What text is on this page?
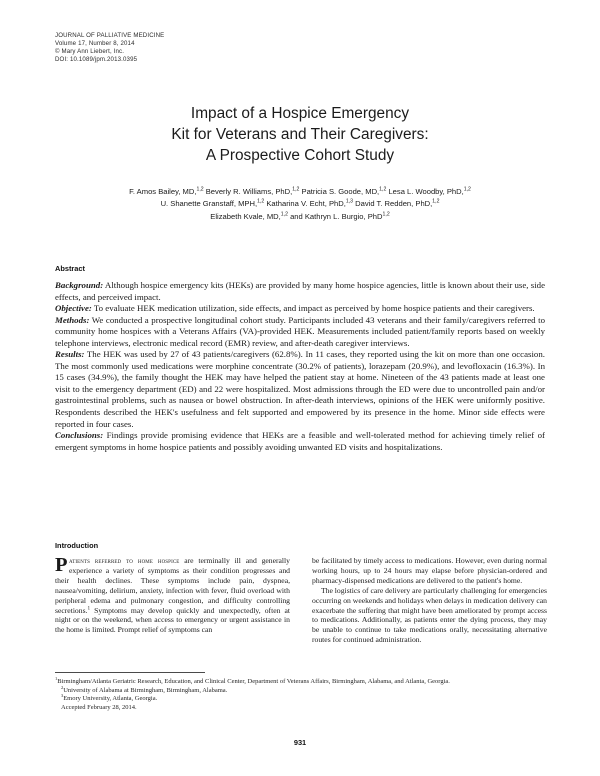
JOURNAL OF PALLIATIVE MEDICINE
Volume 17, Number 8, 2014
© Mary Ann Liebert, Inc.
DOI: 10.1089/jpm.2013.0395
Impact of a Hospice Emergency
Kit for Veterans and Their Caregivers:
A Prospective Cohort Study
F. Amos Bailey, MD,$^{1,2}$ Beverly R. Williams, PhD,$^{1,2}$ Patricia S. Goode, MD,$^{1,2}$ Lesa L. Woodby, PhD,$^{1,2}$
U. Shanette Granstaff, MPH,$^{1,2}$ Katharina V. Echt, PhD,$^{1,3}$ David T. Redden, PhD,$^{1,2}$
Elizabeth Kvale, MD,$^{1,2}$ and Kathryn L. Burgio, PhD$^{1,2}$
Abstract

Background: Although hospice emergency kits (HEKs) are provided by many home hospice agencies, little is known about their use, side effects, and perceived impact.

Objective: To evaluate HEK medication utilization, side effects, and impact as perceived by home hospice patients and their caregivers.

Methods: We conducted a prospective longitudinal cohort study. Participants included 43 veterans and their family/caregivers referred to community home hospices with a Veterans Affairs (VA)-provided HEK. Measurements included patient/family reports based on weekly telephone interviews, electronic medical record (EMR) review, and after-death caregiver interviews.

Results: The HEK was used by 27 of 43 patients/caregivers (62.8%). In 11 cases, they reported using the kit on more than one occasion. The most commonly used medications were morphine concentrate (30.2% of patients), lorazepam (20.9%), and levofloxacin (16.3%). In 15 cases (34.9%), the family thought the HEK may have helped the patient stay at home. Nineteen of the 43 patients made at least one visit to the emergency department (ED) and 22 were hospitalized. Most admissions through the ED were due to uncontrolled pain and/or gastrointestinal problems, such as nausea or bowel obstruction. In after-death interviews, opinions of the HEK were uniformly positive. Respondents described the HEK's usefulness and felt supported and empowered by its presence in the home. Minor side effects were reported in four cases.

Conclusions: Findings provide promising evidence that HEKs are a feasible and well-tolerated method for achieving timely relief of emergent symptoms in home hospice patients and possibly avoiding unwanted ED visits and hospitalizations.

Introduction

Patients referred to home hospice are terminally ill and generally experience a variety of symptoms as their condition progresses and their health declines. These symptoms include pain, dyspnea, nausea/vomiting, delirium, anxiety, infection with fever, fluid overload with peripheral edema and pulmonary congestion, and difficulty controlling secretions.$^1$ Symptoms may develop quickly and unexpectedly, often at night or on the weekend, when access to emergency or urgent assistance in the home is limited. Prompt relief of symptoms can

be facilitated by timely access to medications. However, even during normal working hours, up to 24 hours may elapse before physician-ordered and pharmacy-dispensed medications are delivered to the patient's home.

The logistics of care delivery are particularly challenging for emergencies occurring on weekends and holidays when delays in medication delivery can exacerbate the suffering that might have been ameliorated by prompt access to medications. Additionally, as patients enter the dying process, they may be unable to continue to take medications orally, necessitating alternative routes for continued administration.

$^1$Birmingham/Atlanta Geriatric Research, Education, and Clinical Center, Department of Veterans Affairs, Birmingham, Alabama, and Atlanta, Georgia.

$^2$University of Alabama at Birmingham, Birmingham, Alabama.

$^3$Emory University, Atlanta, Georgia.

Accepted February 28, 2014.

931
